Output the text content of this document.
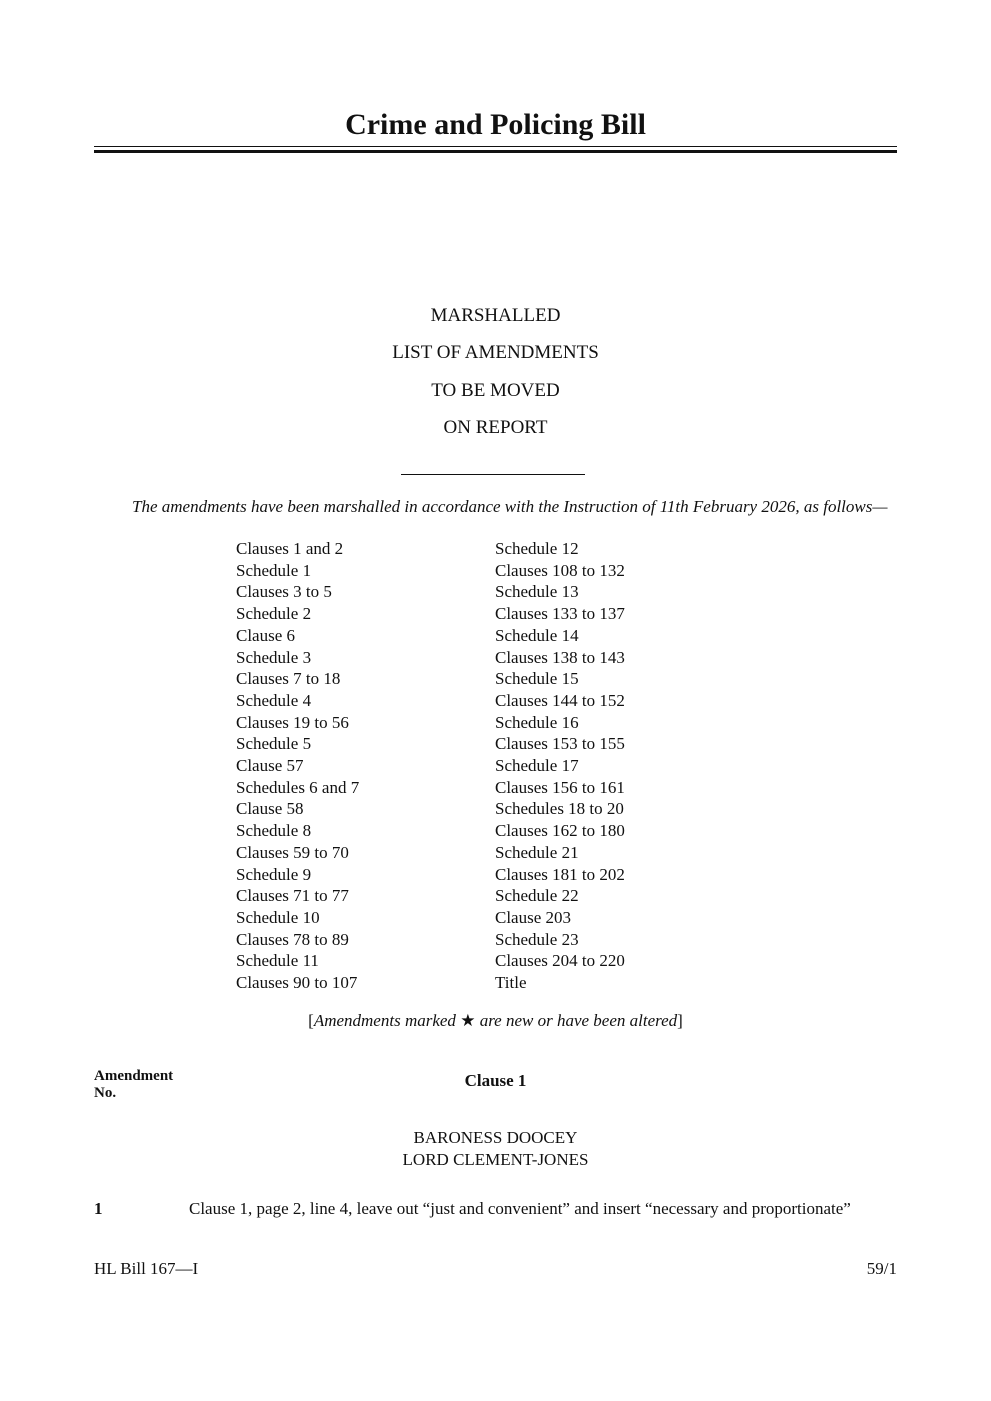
Crime and Policing Bill
MARSHALLED
LIST OF AMENDMENTS
TO BE MOVED
ON REPORT
The amendments have been marshalled in accordance with the Instruction of 11th February 2026, as follows—
Clauses 1 and 2
Schedule 1
Clauses 3 to 5
Schedule 2
Clause 6
Schedule 3
Clauses 7 to 18
Schedule 4
Clauses 19 to 56
Schedule 5
Clause 57
Schedules 6 and 7
Clause 58
Schedule 8
Clauses 59 to 70
Schedule 9
Clauses 71 to 77
Schedule 10
Clauses 78 to 89
Schedule 11
Clauses 90 to 107
Schedule 12
Clauses 108 to 132
Schedule 13
Clauses 133 to 137
Schedule 14
Clauses 138 to 143
Schedule 15
Clauses 144 to 152
Schedule 16
Clauses 153 to 155
Schedule 17
Clauses 156 to 161
Schedules 18 to 20
Clauses 162 to 180
Schedule 21
Clauses 181 to 202
Schedule 22
Clause 203
Schedule 23
Clauses 204 to 220
Title
[Amendments marked ★ are new or have been altered]
Amendment
No.
Clause 1
BARONESS DOOCEY
LORD CLEMENT-JONES
1	Clause 1, page 2, line 4, leave out “just and convenient” and insert “necessary and proportionate”
HL Bill 167—I	59/1
